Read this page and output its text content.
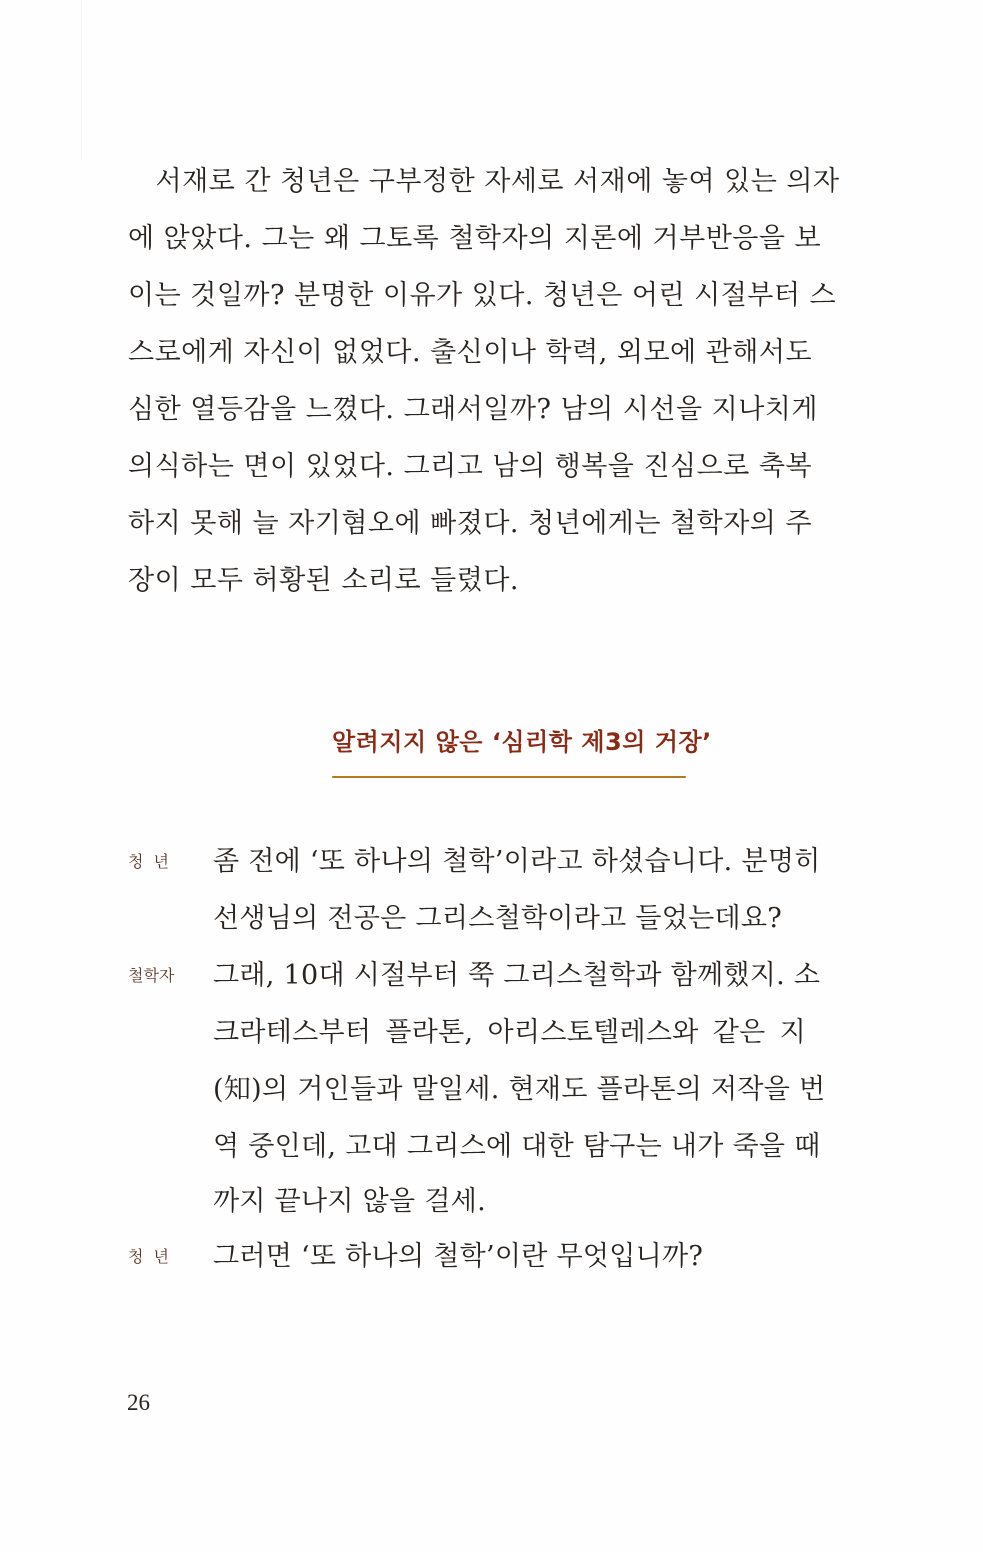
　서재로 간 청년은 구부정한 자세로 서재에 놓여 있는 의자
에 앉았다. 그는 왜 그토록 철학자의 지론에 거부반응을 보
이는 것일까? 분명한 이유가 있다. 청년은 어린 시절부터 스
스로에게 자신이 없었다. 출신이나 학력, 외모에 관해서도
심한 열등감을 느꼈다. 그래서일까? 남의 시선을 지나치게
의식하는 면이 있었다. 그리고 남의 행복을 진심으로 축복
하지 못해 늘 자기혐오에 빠졌다. 청년에게는 철학자의 주
장이 모두 허황된 소리로 들렸다.
알려지지 않은 ‘심리학 제3의 거장’
청년 좀 전에 ‘또 하나의 철학’이라고 하셨습니다. 분명히
선생님의 전공은 그리스철학이라고 들었는데요?
철학자 그래, 10대 시절부터 쭉 그리스철학과 함께했지. 소
크라테스부터 플라톤, 아리스토텔레스와 같은 지
(知)의 거인들과 말일세. 현재도 플라톤의 저작을 번
역 중인데, 고대 그리스에 대한 탐구는 내가 죽을 때
까지 끝나지 않을 걸세.
청년 그러면 ‘또 하나의 철학’이란 무엇입니까?
26
